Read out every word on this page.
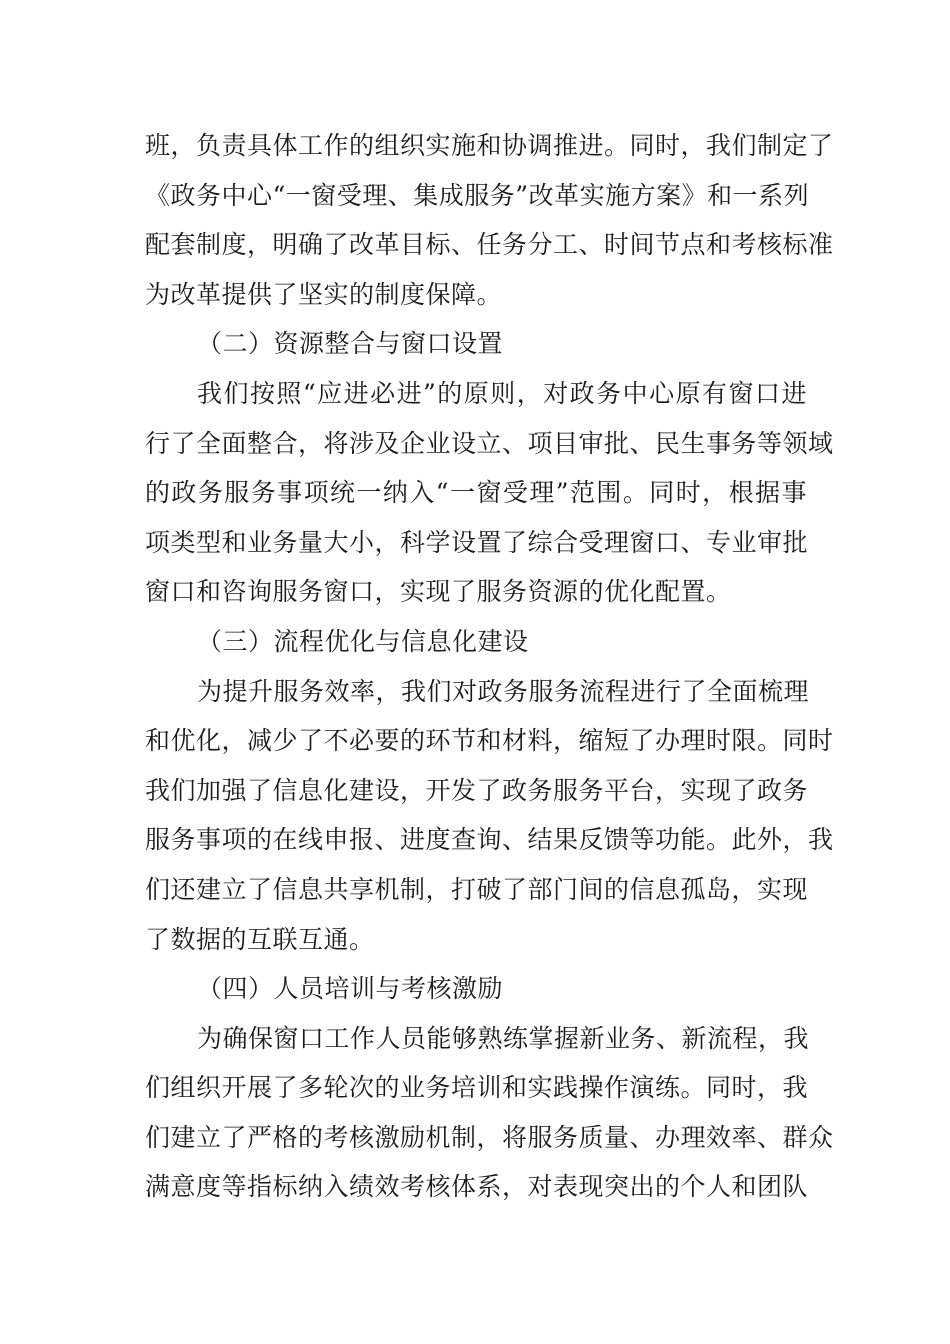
班，负责具体工作的组织实施和协调推进。同时，我们制定了
《政务中心“一窗受理、集成服务”改革实施方案》和一系列
配套制度，明确了改革目标、任务分工、时间节点和考核标准
为改革提供了坚实的制度保障。
（二）资源整合与窗口设置
我们按照“应进必进”的原则，对政务中心原有窗口进
行了全面整合，将涉及企业设立、项目审批、民生事务等领域
的政务服务事项统一纳入“一窗受理”范围。同时，根据事
项类型和业务量大小，科学设置了综合受理窗口、专业审批
窗口和咨询服务窗口，实现了服务资源的优化配置。
（三）流程优化与信息化建设
为提升服务效率，我们对政务服务流程进行了全面梳理
和优化，减少了不必要的环节和材料，缩短了办理时限。同时
我们加强了信息化建设，开发了政务服务平台，实现了政务
服务事项的在线申报、进度查询、结果反馈等功能。此外，我
们还建立了信息共享机制，打破了部门间的信息孤岛，实现
了数据的互联互通。
（四）人员培训与考核激励
为确保窗口工作人员能够熟练掌握新业务、新流程，我
们组织开展了多轮次的业务培训和实践操作演练。同时，我
们建立了严格的考核激励机制，将服务质量、办理效率、群众
满意度等指标纳入绩效考核体系，对表现突出的个人和团队
